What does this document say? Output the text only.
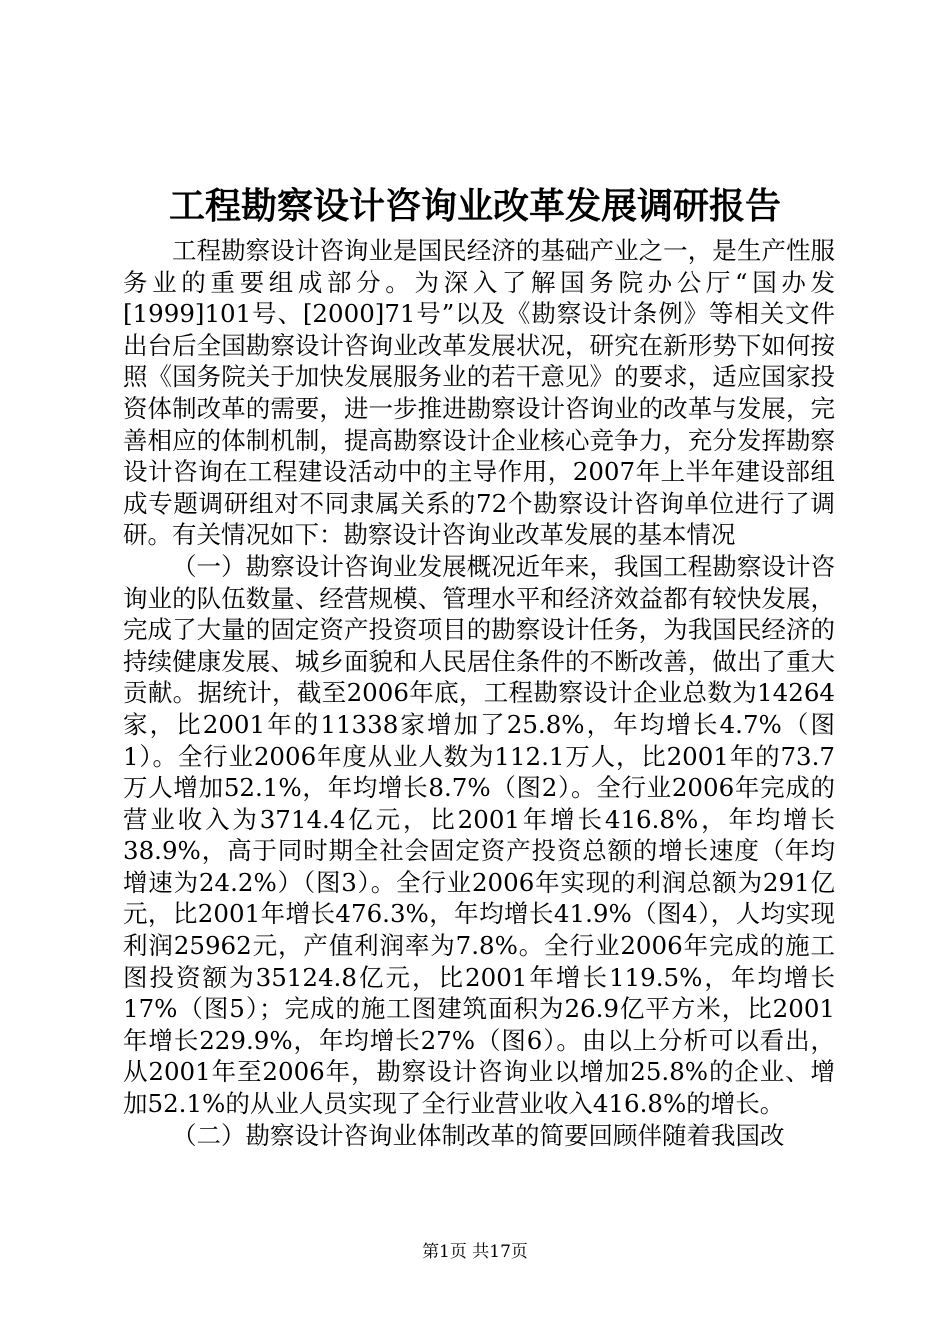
工程勘察设计咨询业改革发展调研报告

工程勘察设计咨询业是国民经济的基础产业之一，是生产性服务业的重要组成部分。为深入了解国务院办公厅“国办发[1999]101号、[2000]71号”以及《勘察设计条例》等相关文件出台后全国勘察设计咨询业改革发展状况，研究在新形势下如何按照《国务院关于加快发展服务业的若干意见》的要求，适应国家投资体制改革的需要，进一步推进勘察设计咨询业的改革与发展，完善相应的体制机制，提高勘察设计企业核心竞争力，充分发挥勘察设计咨询在工程建设活动中的主导作用，2007年上半年建设部组成专题调研组对不同隶属关系的72个勘察设计咨询单位进行了调研。有关情况如下：勘察设计咨询业改革发展的基本情况

（一）勘察设计咨询业发展概况近年来，我国工程勘察设计咨询业的队伍数量、经营规模、管理水平和经济效益都有较快发展，完成了大量的固定资产投资项目的勘察设计任务，为我国民经济的持续健康发展、城乡面貌和人民居住条件的不断改善，做出了重大贡献。据统计，截至2006年底，工程勘察设计企业总数为14264家，比2001年的11338家增加了25.8%，年均增长4.7%（图1）。全行业2006年度从业人数为112.1万人，比2001年的73.7万人增加52.1%，年均增长8.7%（图2）。全行业2006年完成的营业收入为3714.4亿元，比2001年增长416.8%，年均增长38.9%，高于同时期全社会固定资产投资总额的增长速度（年均增速为24.2%）（图3）。全行业2006年实现的利润总额为291亿元，比2001年增长476.3%，年均增长41.9%（图4），人均实现利润25962元，产值利润率为7.8%。全行业2006年完成的施工图投资额为35124.8亿元，比2001年增长119.5%，年均增长17%（图5）；完成的施工图建筑面积为26.9亿平方米，比2001年增长229.9%，年均增长27%（图6）。由以上分析可以看出，从2001年至2006年，勘察设计咨询业以增加25.8%的企业、增加52.1%的从业人员实现了全行业营业收入416.8%的增长。

（二）勘察设计咨询业体制改革的简要回顾伴随着我国改

第1页 共17页
